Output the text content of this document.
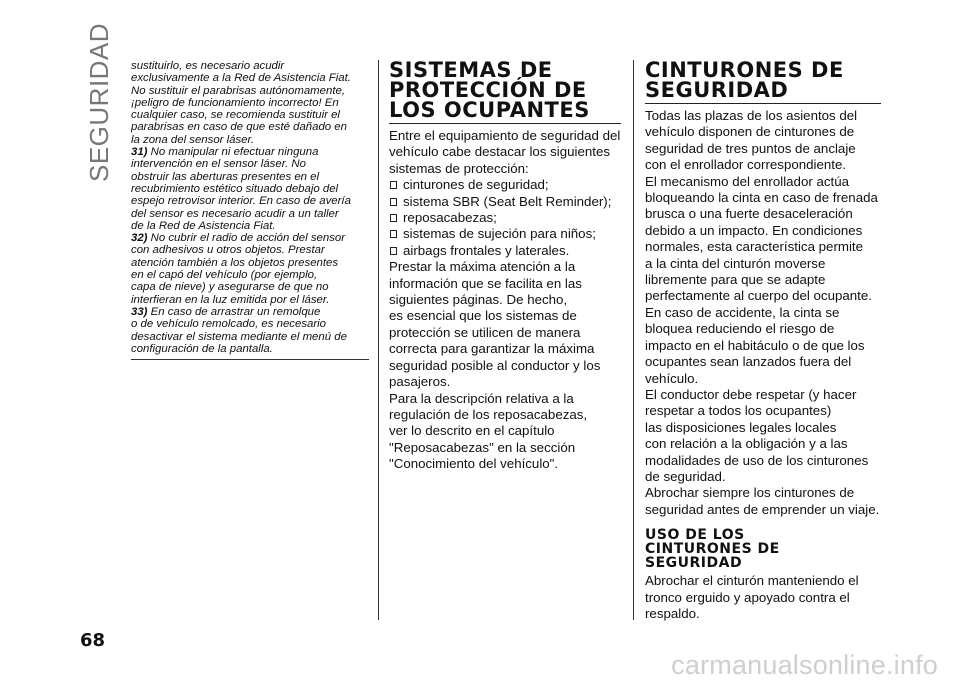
SEGURIDAD
68

sustituirlo, es necesario acudir
exclusivamente a la Red de Asistencia Fiat.
No sustituir el parabrisas autónomamente,
¡peligro de funcionamiento incorrecto! En
cualquier caso, se recomienda sustituir el
parabrisas en caso de que esté dañado en
la zona del sensor láser.

31) No manipular ni efectuar ninguna
intervención en el sensor láser. No
obstruir las aberturas presentes en el
recubrimiento estético situado debajo del
espejo retrovisor interior. En caso de avería
del sensor es necesario acudir a un taller
de la Red de Asistencia Fiat.

32) No cubrir el radio de acción del sensor
con adhesivos u otros objetos. Prestar
atención también a los objetos presentes
en el capó del vehículo (por ejemplo,
capa de nieve) y asegurarse de que no
interfieran en la luz emitida por el láser.

33) En caso de arrastrar un remolque
o de vehículo remolcado, es necesario
desactivar el sistema mediante el menú de
configuración de la pantalla.

SISTEMAS DE
PROTECCIÓN DE
LOS OCUPANTES

Entre el equipamiento de seguridad del
vehículo cabe destacar los siguientes
sistemas de protección:

cinturones de seguridad;
sistema SBR (Seat Belt Reminder);
reposacabezas;
sistemas de sujeción para niños;
airbags frontales y laterales.

Prestar la máxima atención a la
información que se facilita en las
siguientes páginas. De hecho,
es esencial que los sistemas de
protección se utilicen de manera
correcta para garantizar la máxima
seguridad posible al conductor y los
pasajeros.

Para la descripción relativa a la
regulación de los reposacabezas,
ver lo descrito en el capítulo
"Reposacabezas" en la sección
"Conocimiento del vehículo".

CINTURONES DE
SEGURIDAD

Todas las plazas de los asientos del
vehículo disponen de cinturones de
seguridad de tres puntos de anclaje
con el enrollador correspondiente.

El mecanismo del enrollador actúa
bloqueando la cinta en caso de frenada
brusca o una fuerte desaceleración
debido a un impacto. En condiciones
normales, esta característica permite
a la cinta del cinturón moverse
libremente para que se adapte
perfectamente al cuerpo del ocupante.

En caso de accidente, la cinta se
bloquea reduciendo el riesgo de
impacto en el habitáculo o de que los
ocupantes sean lanzados fuera del
vehículo.

El conductor debe respetar (y hacer
respetar a todos los ocupantes)
las disposiciones legales locales
con relación a la obligación y a las
modalidades de uso de los cinturones
de seguridad.

Abrochar siempre los cinturones de
seguridad antes de emprender un viaje.

USO DE LOS
CINTURONES DE
SEGURIDAD

Abrochar el cinturón manteniendo el
tronco erguido y apoyado contra el
respaldo.

carmanualsonline.info
